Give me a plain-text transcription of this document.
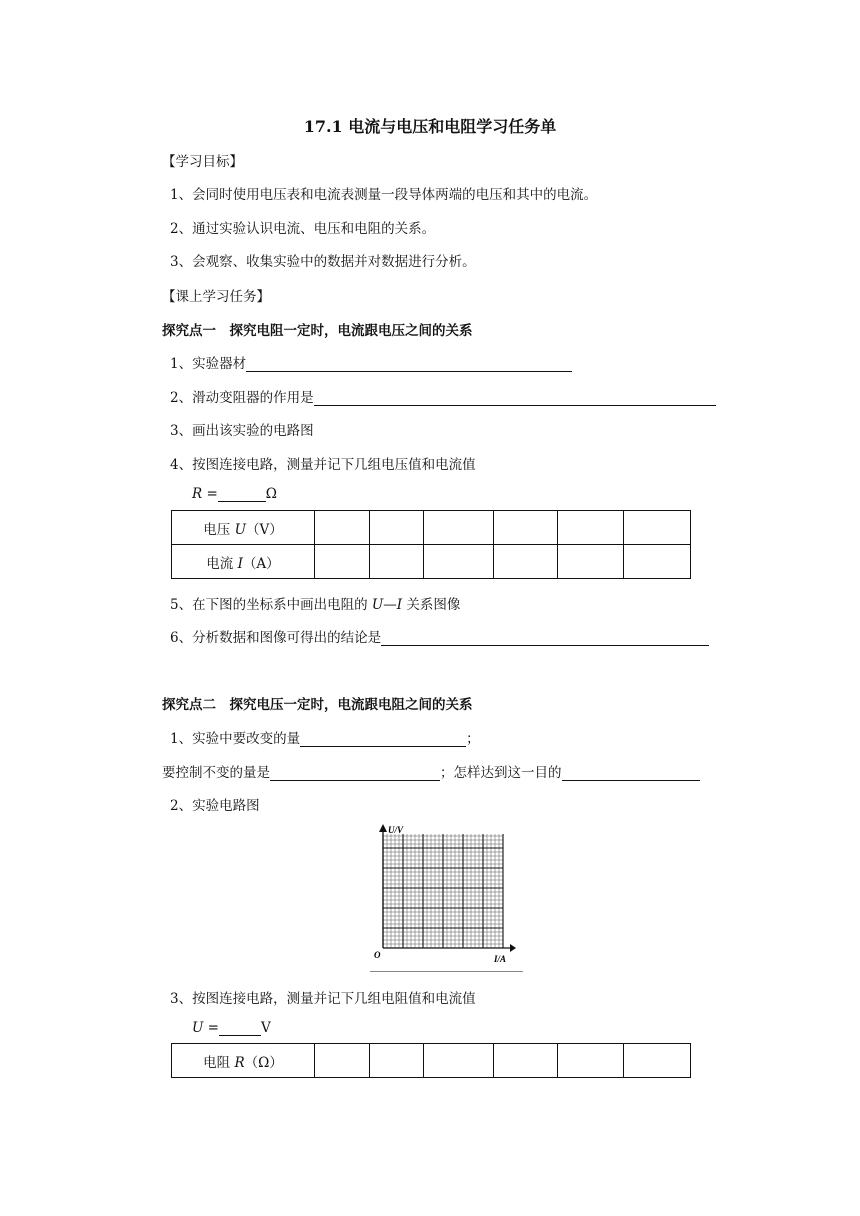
17.1 电流与电压和电阻学习任务单
【学习目标】
1、会同时使用电压表和电流表测量一段导体两端的电压和其中的电流。
2、通过实验认识电流、电压和电阻的关系。
3、会观察、收集实验中的数据并对数据进行分析。
【课上学习任务】
探究点一　探究电阻一定时，电流跟电压之间的关系
1、实验器材
2、滑动变阻器的作用是
3、画出该实验的电路图
4、按图连接电路，测量并记下几组电压值和电流值
R =	Ω
电压 U（V）						
电流 I（A）						
5、在下图的坐标系中画出电阻的 U—I 关系图像
6、分析数据和图像可得出的结论是
探究点二　探究电压一定时，电流跟电阻之间的关系
1、实验中要改变的量	；
要控制不变的量是	；怎样达到这一目的
2、实验电路图
U/V
I/A
O
3、按图连接电路，测量并记下几组电阻值和电流值
U =	V
电阻 R（Ω）						
